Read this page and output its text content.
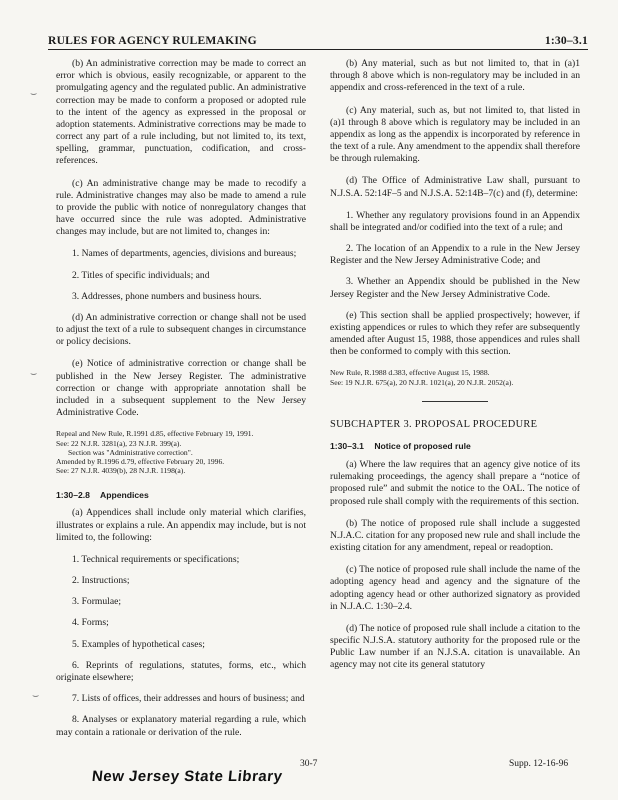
RULES FOR AGENCY RULEMAKING	1:30–3.1
⌣
⌣
⌣

(b) An administrative correction may be made to correct an error which is obvious, easily recognizable, or apparent to the promulgating agency and the regulated public. An administrative correction may be made to conform a proposed or adopted rule to the intent of the agency as expressed in the proposal or adoption statements. Administrative corrections may be made to correct any part of a rule including, but not limited to, its text, spelling, grammar, punctuation, codification, and cross-references.

(c) An administrative change may be made to recodify a rule. Administrative changes may also be made to amend a rule to provide the public with notice of nonregulatory changes that have occurred since the rule was adopted. Administrative changes may include, but are not limited to, changes in:

1. Names of departments, agencies, divisions and bureaus;

2. Titles of specific individuals; and

3. Addresses, phone numbers and business hours.

(d) An administrative correction or change shall not be used to adjust the text of a rule to subsequent changes in circumstance or policy decisions.

(e) Notice of administrative correction or change shall be published in the New Jersey Register. The administrative correction or change with appropriate annotation shall be included in a subsequent supplement to the New Jersey Administrative Code.

Repeal and New Rule, R.1991 d.85, effective February 19, 1991.
See: 22 N.J.R. 3281(a), 23 N.J.R. 399(a).
Section was "Administrative correction".
Amended by R.1996 d.79, effective February 20, 1996.
See: 27 N.J.R. 4039(b), 28 N.J.R. 1198(a).
1:30–2.8 Appendices

(a) Appendices shall include only material which clarifies, illustrates or explains a rule. An appendix may include, but is not limited to, the following:

1. Technical requirements or specifications;

2. Instructions;

3. Formulae;

4. Forms;

5. Examples of hypothetical cases;

6. Reprints of regulations, statutes, forms, etc., which originate elsewhere;

7. Lists of offices, their addresses and hours of business; and

8. Analyses or explanatory material regarding a rule, which may contain a rationale or derivation of the rule.

(b) Any material, such as but not limited to, that in (a)1 through 8 above which is non-regulatory may be included in an appendix and cross-referenced in the text of a rule.

(c) Any material, such as, but not limited to, that listed in (a)1 through 8 above which is regulatory may be included in an appendix as long as the appendix is incorporated by reference in the text of a rule. Any amendment to the appendix shall therefore be through rulemaking.

(d) The Office of Administrative Law shall, pursuant to N.J.S.A. 52:14F–5 and N.J.S.A. 52:14B–7(c) and (f), determine:

1. Whether any regulatory provisions found in an Appendix shall be integrated and/or codified into the text of a rule; and

2. The location of an Appendix to a rule in the New Jersey Register and the New Jersey Administrative Code; and

3. Whether an Appendix should be published in the New Jersey Register and the New Jersey Administrative Code.

(e) This section shall be applied prospectively; however, if existing appendices or rules to which they refer are subsequently amended after August 15, 1988, those appendices and rules shall then be conformed to comply with this section.

New Rule, R.1988 d.383, effective August 15, 1988.
See: 19 N.J.R. 675(a), 20 N.J.R. 1021(a), 20 N.J.R. 2052(a).
SUBCHAPTER 3. PROPOSAL PROCEDURE
1:30–3.1 Notice of proposed rule

(a) Where the law requires that an agency give notice of its rulemaking proceedings, the agency shall prepare a “notice of proposed rule” and submit the notice to the OAL. The notice of proposed rule shall comply with the requirements of this section.

(b) The notice of proposed rule shall include a suggested N.J.A.C. citation for any proposed new rule and shall include the existing citation for any amendment, repeal or readoption.

(c) The notice of proposed rule shall include the name of the adopting agency head and agency and the signature of the adopting agency head or other authorized signatory as provided in N.J.A.C. 1:30–2.4.

(d) The notice of proposed rule shall include a citation to the specific N.J.S.A. statutory authority for the proposed rule or the Public Law number if an N.J.S.A. citation is unavailable. An agency may not cite its general statutory

30-7	Supp. 12-16-96
New Jersey State Library
